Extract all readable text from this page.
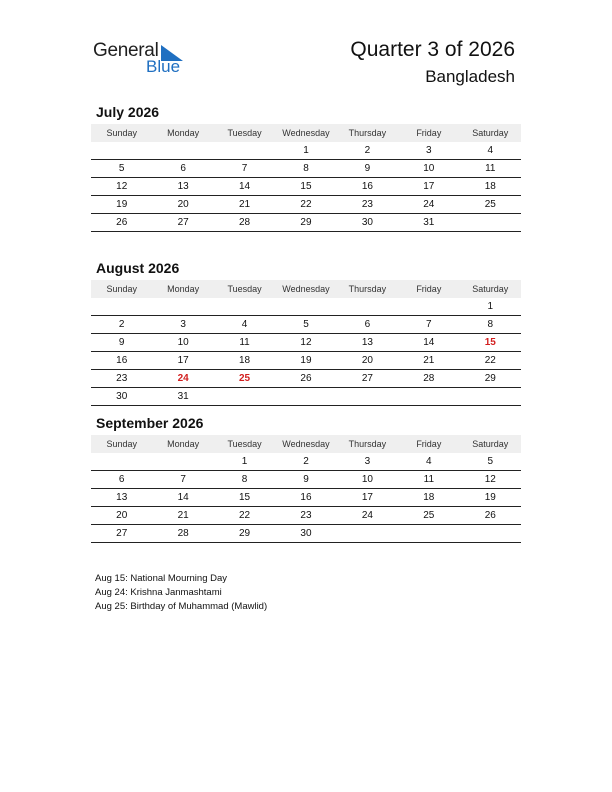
General
Blue
Quarter 3 of 2026
Bangladesh
July 2026
Sunday	Monday	Tuesday	Wednesday	Thursday	Friday	Saturday
			1	2	3	4
5	6	7	8	9	10	11
12	13	14	15	16	17	18
19	20	21	22	23	24	25
26	27	28	29	30	31	
August 2026
Sunday	Monday	Tuesday	Wednesday	Thursday	Friday	Saturday
						1
2	3	4	5	6	7	8
9	10	11	12	13	14	15
16	17	18	19	20	21	22
23	24	25	26	27	28	29
30	31					
September 2026
Sunday	Monday	Tuesday	Wednesday	Thursday	Friday	Saturday
		1	2	3	4	5
6	7	8	9	10	11	12
13	14	15	16	17	18	19
20	21	22	23	24	25	26
27	28	29	30			
Aug 15: National Mourning Day
Aug 24: Krishna Janmashtami
Aug 25: Birthday of Muhammad (Mawlid)
